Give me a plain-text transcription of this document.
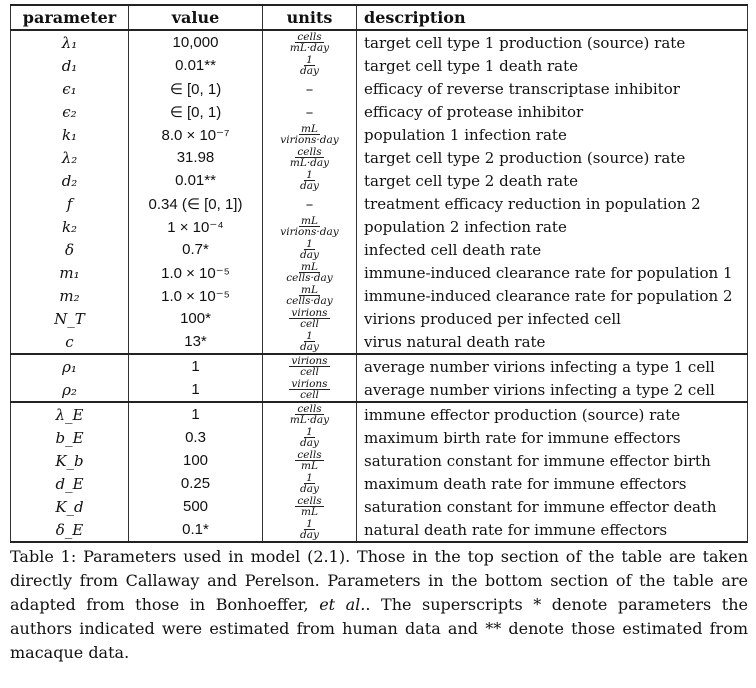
parameter	value	units	description
λ₁	10,000	$\frac{\text{cells}}{\text{mL·day}}$	target cell type 1 production (source) rate
d₁	0.01**	$\frac{1}{\text{day}}$	target cell type 1 death rate
ϵ₁	∈ [0, 1)	–	efficacy of reverse transcriptase inhibitor
ϵ₂	∈ [0, 1)	–	efficacy of protease inhibitor
k₁	8.0 × 10⁻⁷	$\frac{mL}{\text{virions·day}}$	population 1 infection rate
λ₂	31.98	$\frac{\text{cells}}{\text{mL·day}}$	target cell type 2 production (source) rate
d₂	0.01**	$\frac{1}{\text{day}}$	target cell type 2 death rate
f	0.34 (∈ [0, 1])	–	treatment efficacy reduction in population 2
k₂	1 × 10⁻⁴	$\frac{mL}{\text{virions·day}}$	population 2 infection rate
δ	0.7*	$\frac{1}{\text{day}}$	infected cell death rate
m₁	1.0 × 10⁻⁵	$\frac{mL}{\text{cells·day}}$	immune-induced clearance rate for population 1
m₂	1.0 × 10⁻⁵	$\frac{mL}{\text{cells·day}}$	immune-induced clearance rate for population 2
N_T	100*	$\frac{\text{virions}}{\text{cell}}$	virions produced per infected cell
c	13*	$\frac{1}{\text{day}}$	virus natural death rate
ρ₁	1	$\frac{\text{virions}}{\text{cell}}$	average number virions infecting a type 1 cell
ρ₂	1	$\frac{\text{virions}}{\text{cell}}$	average number virions infecting a type 2 cell
λ_E	1	$\frac{\text{cells}}{\text{mL·day}}$	immune effector production (source) rate
b_E	0.3	$\frac{1}{\text{day}}$	maximum birth rate for immune effectors
K_b	100	$\frac{\text{cells}}{mL}$	saturation constant for immune effector birth
d_E	0.25	$\frac{1}{\text{day}}$	maximum death rate for immune effectors
K_d	500	$\frac{\text{cells}}{mL}$	saturation constant for immune effector death
δ_E	0.1*	$\frac{1}{\text{day}}$	natural death rate for immune effectors

Table 1: Parameters used in model (2.1). Those in the top section of the table are taken directly from Callaway and Perelson. Parameters in the bottom section of the table are adapted from those in Bonhoeffer, et al.. The superscripts * denote parameters the authors indicated were estimated from human data and ** denote those estimated from macaque data.
